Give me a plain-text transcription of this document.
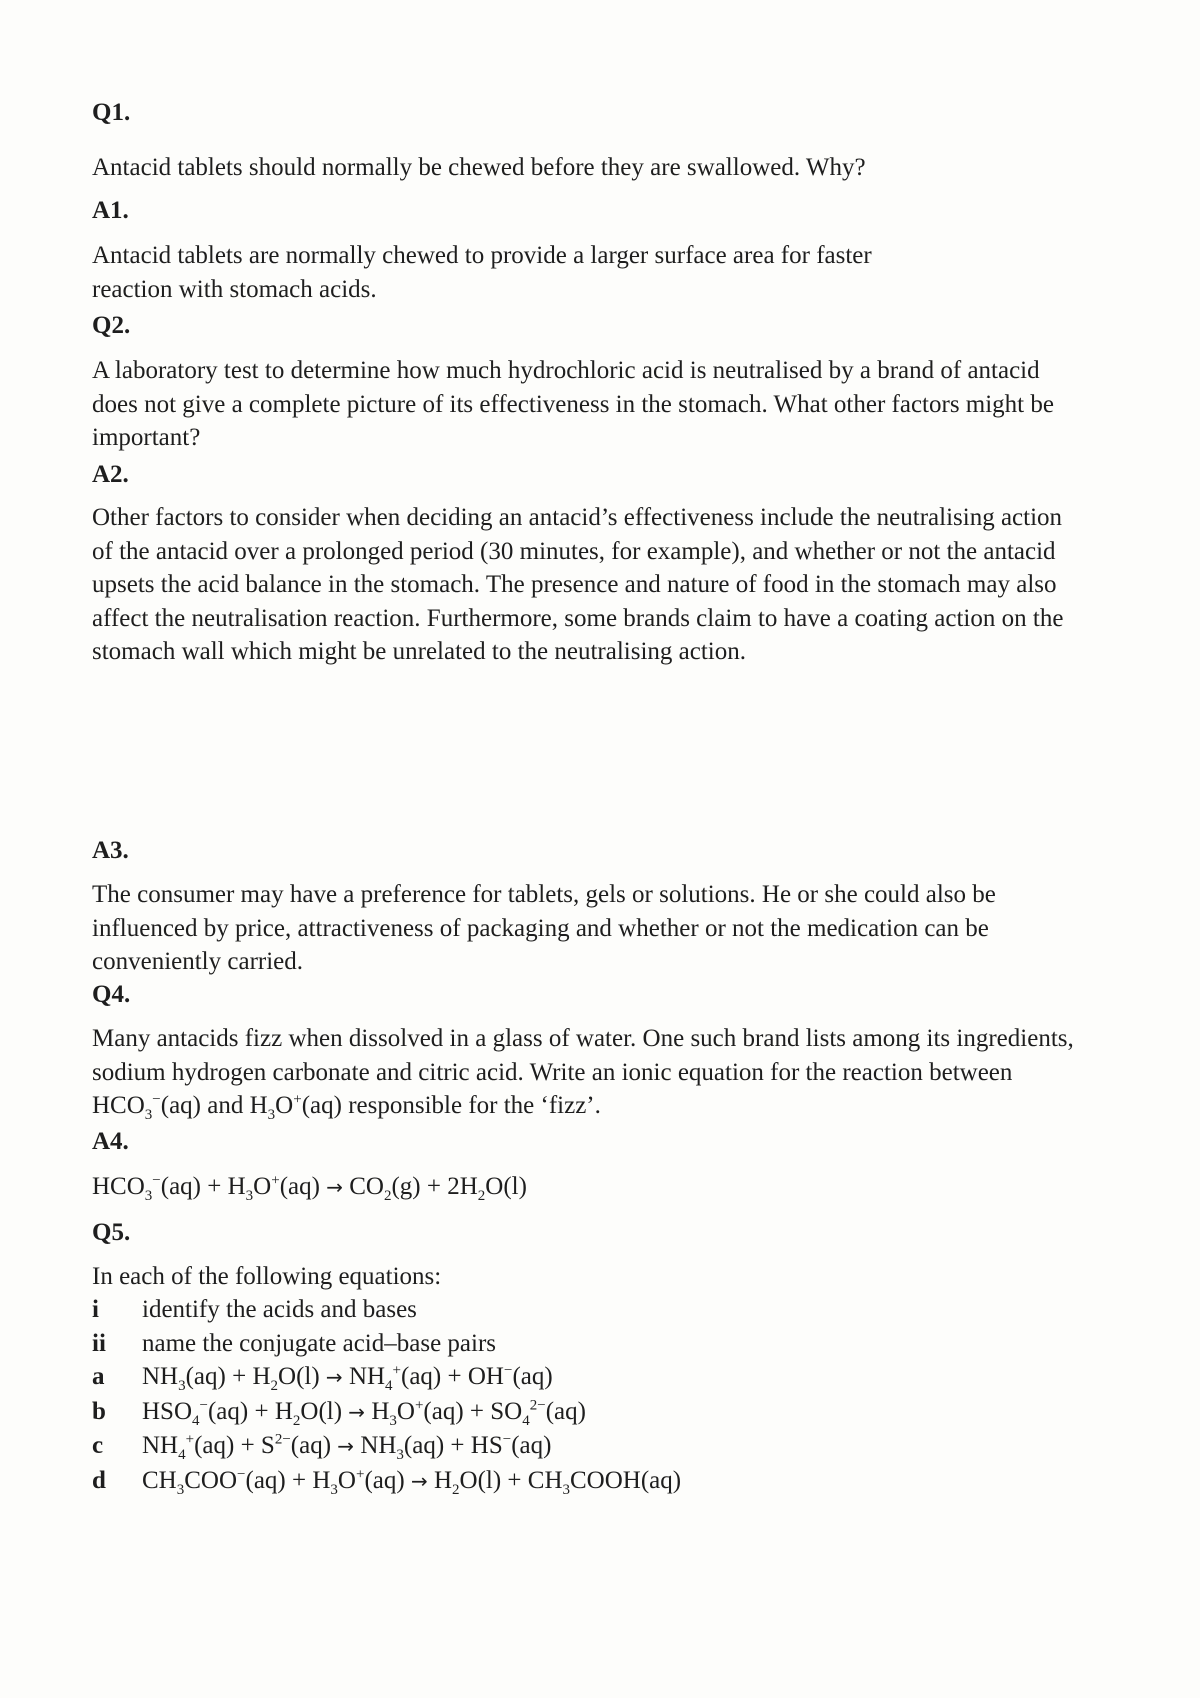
Q1.

Antacid tablets should normally be chewed before they are swallowed. Why?

A1.

Antacid tablets are normally chewed to provide a larger surface area for faster reaction with stomach acids.

Q2.

A laboratory test to determine how much hydrochloric acid is neutralised by a brand of antacid does not give a complete picture of its effectiveness in the stomach. What other factors might be important?

A2.

Other factors to consider when deciding an antacid’s effectiveness include the neutralising action of the antacid over a prolonged period (30 minutes, for example), and whether or not the antacid upsets the acid balance in the stomach. The presence and nature of food in the stomach may also affect the neutralisation reaction. Furthermore, some brands claim to have a coating action on the stomach wall which might be unrelated to the neutralising action.

A3.

The consumer may have a preference for tablets, gels or solutions. He or she could also be influenced by price, attractiveness of packaging and whether or not the medication can be conveniently carried.

Q4.

Many antacids fizz when dissolved in a glass of water. One such brand lists among its ingredients, sodium hydrogen carbonate and citric acid. Write an ionic equation for the reaction between $HCO_3^-(aq)$ and $H_3O^+(aq)$ responsible for the ‘fizz’.

A4.

$HCO_3^-(aq) + H_3O^+(aq) \to CO_2(g) + 2H_2O(l)$

Q5.

In each of the following equations:

i	identify the acids and bases
ii	name the conjugate acid–base pairs
a	$NH_3(aq) + H_2O(l) \to NH_4^+(aq) + OH^-(aq)$
b	$HSO_4^-(aq) + H_2O(l) \to H_3O^+(aq) + SO_4^{2-}(aq)$
c	$NH_4^+(aq) + S^{2-}(aq) \to NH_3(aq) + HS^-(aq)$
d	$CH_3COO^-(aq) + H_3O^+(aq) \to H_2O(l)$ + $CH_3COOH(aq)$
